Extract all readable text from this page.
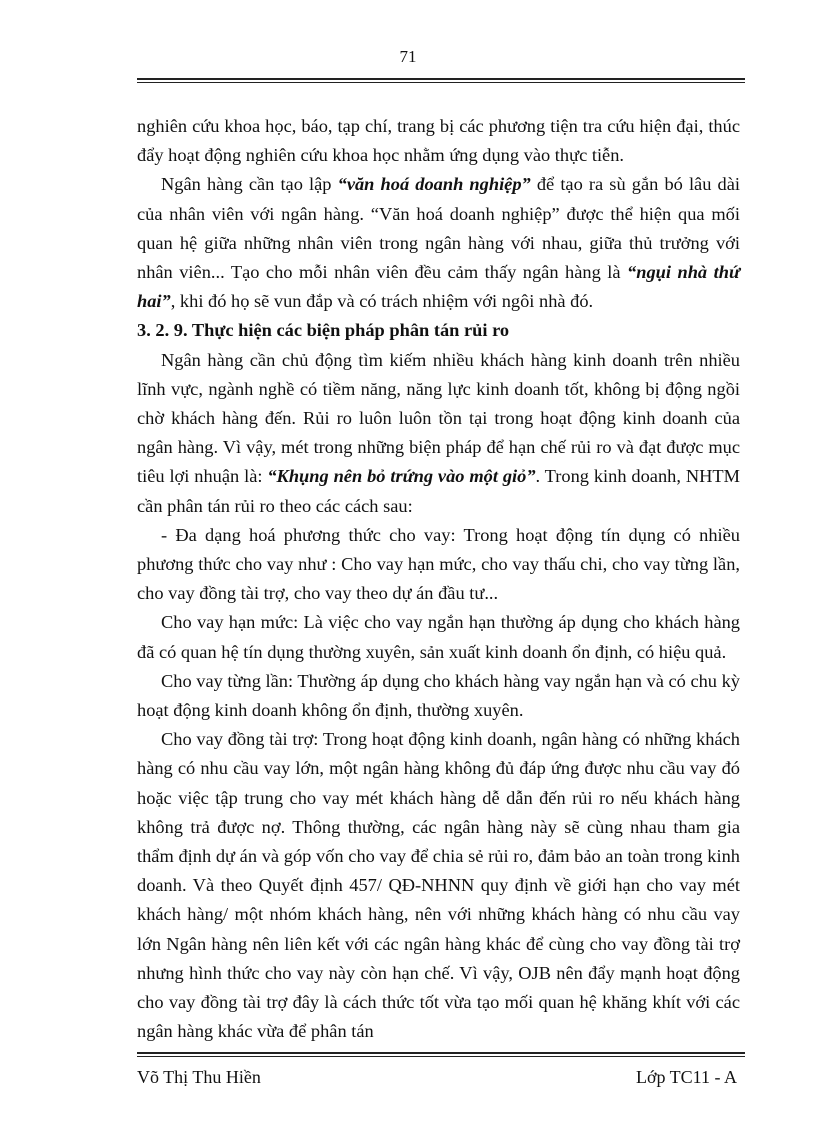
71

nghiên cứu khoa học, báo, tạp chí, trang bị các phương tiện tra cứu hiện đại, thúc đẩy hoạt động nghiên cứu khoa học nhằm ứng dụng vào thực tiễn.

Ngân hàng cần tạo lập “văn hoá doanh nghiệp” để tạo ra sù gắn bó lâu dài của nhân viên với ngân hàng. “Văn hoá doanh nghiệp” được thể hiện qua mối quan hệ giữa những nhân viên trong ngân hàng với nhau, giữa thủ trưởng với nhân viên... Tạo cho mỗi nhân viên đều cảm thấy ngân hàng là “ngụi nhà thứ hai”, khi đó họ sẽ vun đắp và có trách nhiệm với ngôi nhà đó.

3. 2. 9. Thực hiện các biện pháp phân tán rủi ro

Ngân hàng cần chủ động tìm kiếm nhiều khách hàng kinh doanh trên nhiều lĩnh vực, ngành nghề có tiềm năng, năng lực kinh doanh tốt, không bị động ngồi chờ khách hàng đến. Rủi ro luôn luôn tồn tại trong hoạt động kinh doanh của ngân hàng. Vì vậy, mét trong những biện pháp để hạn chế rủi ro và đạt được mục tiêu lợi nhuận là: “Khụng nên bỏ trứng vào một giỏ”. Trong kinh doanh, NHTM cần phân tán rủi ro theo các cách sau:

- Đa dạng hoá phương thức cho vay: Trong hoạt động tín dụng có nhiều phương thức cho vay như : Cho vay hạn mức, cho vay thấu chi, cho vay từng lần, cho vay đồng tài trợ, cho vay theo dự án đầu tư...

Cho vay hạn mức: Là việc cho vay ngắn hạn thường áp dụng cho khách hàng đã có quan hệ tín dụng thường xuyên, sản xuất kinh doanh ổn định, có hiệu quả.

Cho vay từng lần: Thường áp dụng cho khách hàng vay ngắn hạn và có chu kỳ hoạt động kinh doanh không ổn định, thường xuyên.

Cho vay đồng tài trợ: Trong hoạt động kinh doanh, ngân hàng có những khách hàng có nhu cầu vay lớn, một ngân hàng không đủ đáp ứng được nhu cầu vay đó hoặc việc tập trung cho vay mét khách hàng dễ dẫn đến rủi ro nếu khách hàng không trả được nợ. Thông thường, các ngân hàng này sẽ cùng nhau tham gia thẩm định dự án và góp vốn cho vay để chia sẻ rủi ro, đảm bảo an toàn trong kinh doanh. Và theo Quyết định 457/ QĐ-NHNN quy định về giới hạn cho vay mét khách hàng/ một nhóm khách hàng, nên với những khách hàng có nhu cầu vay lớn Ngân hàng nên liên kết với các ngân hàng khác để cùng cho vay đồng tài trợ nhưng hình thức cho vay này còn hạn chế. Vì vậy, OJB nên đẩy mạnh hoạt động cho vay đồng tài trợ đây là cách thức tốt vừa tạo mối quan hệ khăng khít với các ngân hàng khác vừa để phân tán

Võ Thị Thu Hiền	Lớp TC11 - A
